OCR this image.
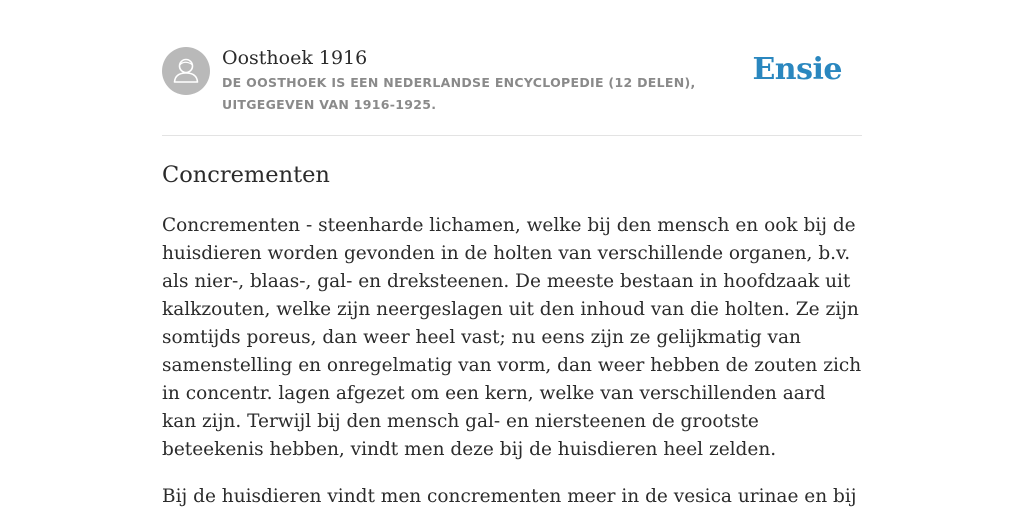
Oosthoek 1916
DE OOSTHOEK IS EEN NEDERLANDSE ENCYCLOPEDIE (12 DELEN), UITGEGEVEN VAN 1916-1925.
Ensie
Concrementen

Concrementen - steenharde lichamen, welke bij den mensch en ook bij de huisdieren worden gevonden in de holten van verschillende organen, b.v. als nier-, blaas-, gal- en dreksteenen. De meeste bestaan in hoofdzaak uit kalkzouten, welke zijn neergeslagen uit den inhoud van die holten. Ze zijn somtijds poreus, dan weer heel vast; nu eens zijn ze gelijkmatig van samenstelling en onregelmatig van vorm, dan weer hebben de zouten zich in concentr. lagen afgezet om een kern, welke van verschillenden aard kan zijn. Terwijl bij den mensch gal- en niersteenen de grootste beteekenis hebben, vindt men deze bij de huisdieren heel zelden.

Bij de huisdieren vindt men concrementen meer in de vesica urinae en bij
